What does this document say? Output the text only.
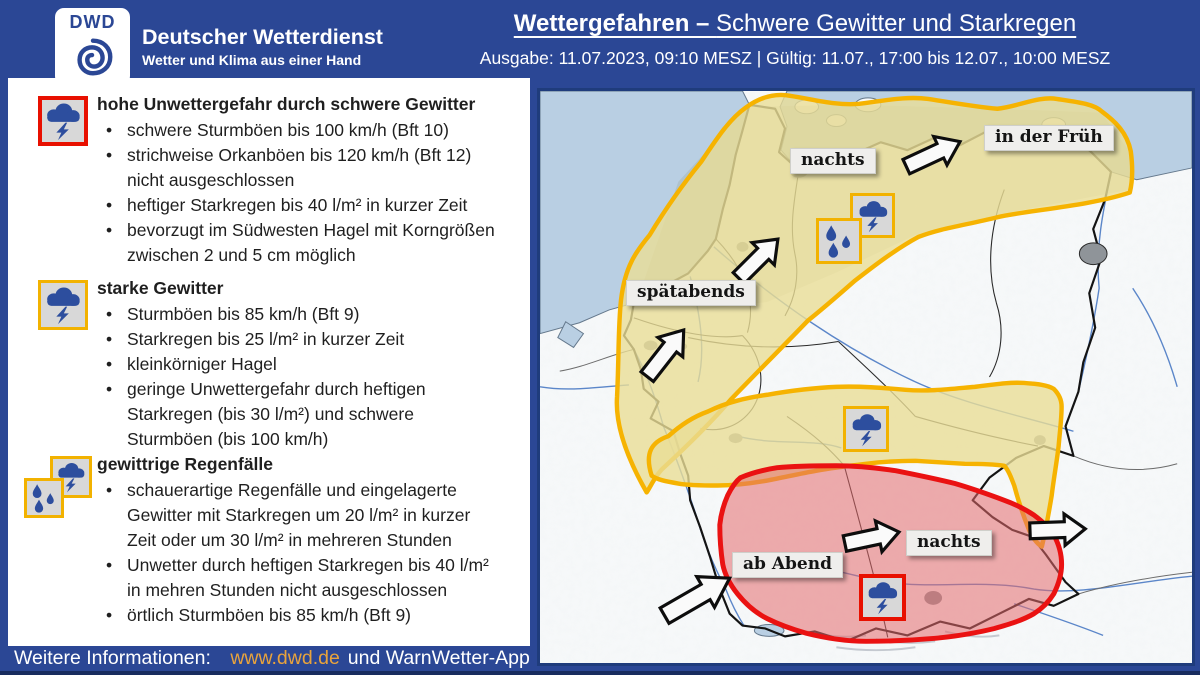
DWD
Deutscher Wetterdienst
Wetter und Klima aus einer Hand
Wettergefahren – Schwere Gewitter und Starkregen
Ausgabe: 11.07.2023, 09:10 MESZ | Gültig: 11.07., 17:00 bis 12.07., 10:00 MESZ

hohe Unwettergefahr durch schwere Gewitter

• schwere Sturmböen bis 100 km/h (Bft 10)
• strichweise Orkanböen bis 120 km/h (Bft 12) nicht ausgeschlossen
• heftiger Starkregen bis 40 l/m² in kurzer Zeit
• bevorzugt im Südwesten Hagel mit Korngrößen zwischen 2 und 5 cm möglich

starke Gewitter

• Sturmböen bis 85 km/h (Bft 9)
• Starkregen bis 25 l/m² in kurzer Zeit
• kleinkörniger Hagel
• geringe Unwettergefahr durch heftigen Starkregen (bis 30 l/m²) und schwere Sturmböen (bis 100 km/h)

gewittrige Regenfälle

• schauerartige Regenfälle und eingelagerte Gewitter mit Starkregen um 20 l/m² in kurzer Zeit oder um 30 l/m² in mehreren Stunden
• Unwetter durch heftigen Starkregen bis 40 l/m² in mehren Stunden nicht ausgeschlossen
• örtlich Sturmböen bis 85 km/h (Bft 9)
nachts
in der Früh
spätabends
ab Abend
nachts
Weitere Informationen: www.dwd.de und WarnWetter-App
